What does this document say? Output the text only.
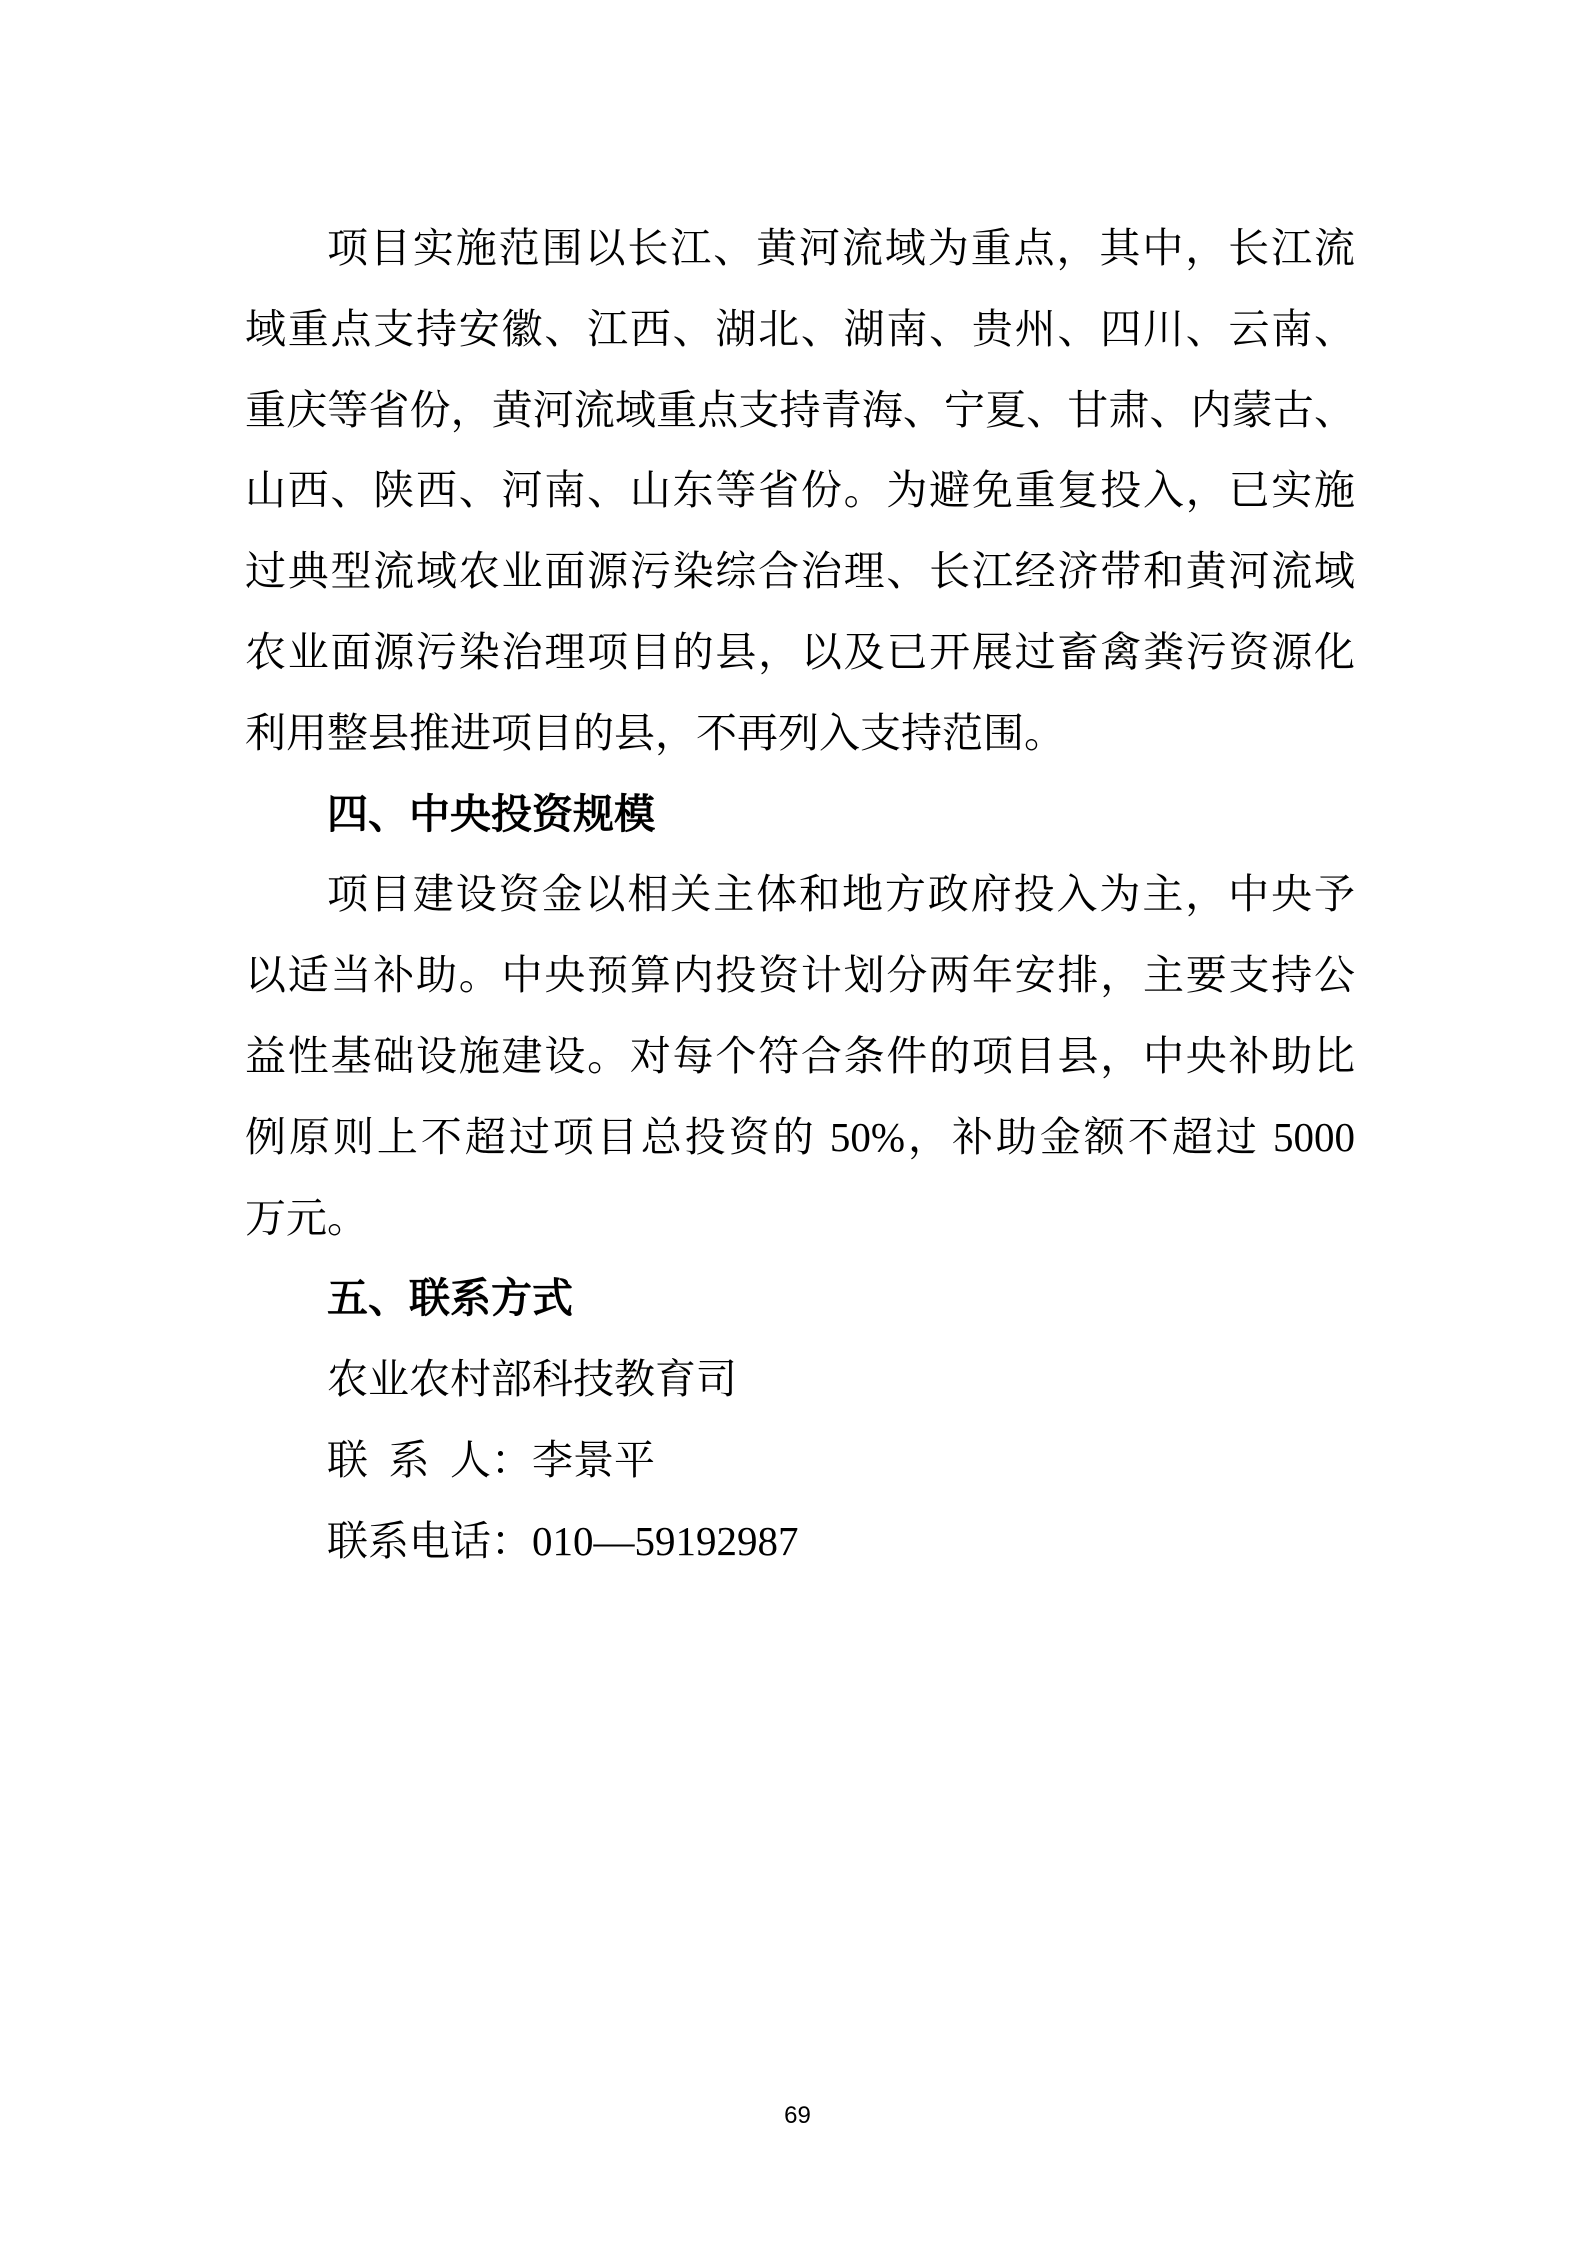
项目实施范围以长江、黄河流域为重点，其中，长江流
域重点支持安徽、江西、湖北、湖南、贵州、四川、云南、
重庆等省份，黄河流域重点支持青海、宁夏、甘肃、内蒙古、
山西、陕西、河南、山东等省份。为避免重复投入，已实施
过典型流域农业面源污染综合治理、长江经济带和黄河流域
农业面源污染治理项目的县，以及已开展过畜禽粪污资源化
利用整县推进项目的县，不再列入支持范围。
四、中央投资规模
项目建设资金以相关主体和地方政府投入为主，中央予
以适当补助。中央预算内投资计划分两年安排，主要支持公
益性基础设施建设。对每个符合条件的项目县，中央补助比
例原则上不超过项目总投资的 50%，补助金额不超过 5000
万元。
五、联系方式
农业农村部科技教育司
联 系 人：李景平
联系电话：010—59192987
69
